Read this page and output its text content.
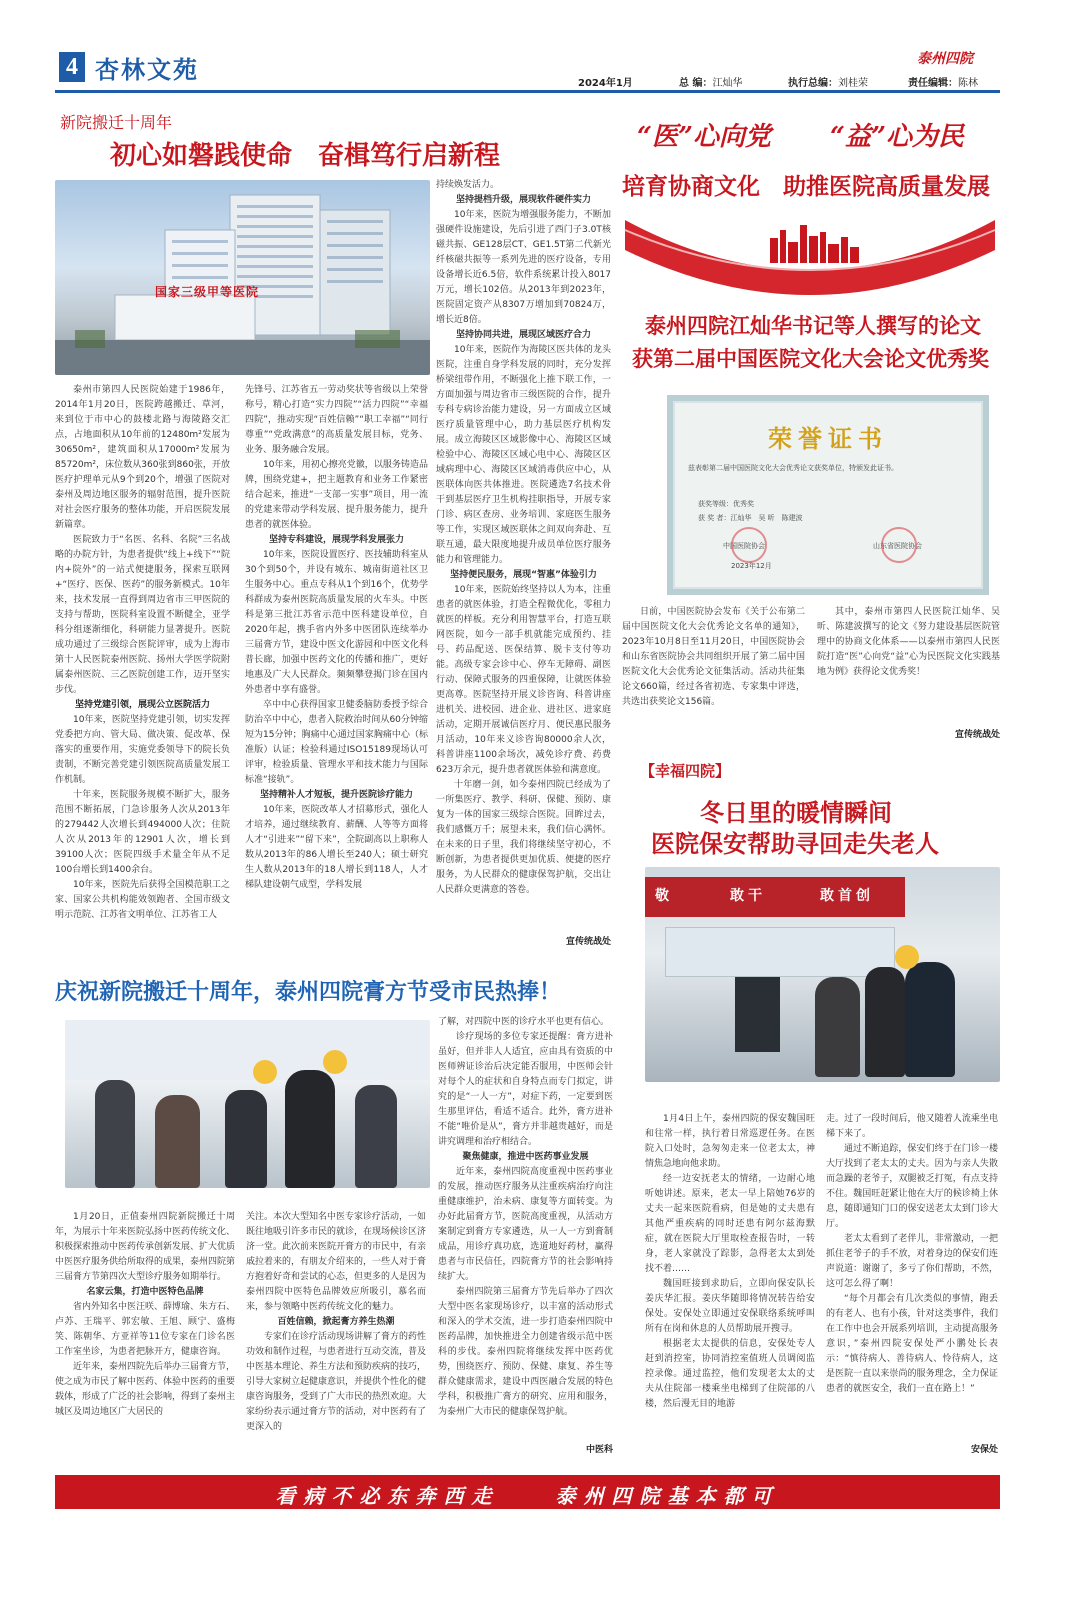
4 杏林文苑	2024年1月	总 编：江灿华	执行总编：刘桂荣	责任编辑：陈林
泰州四院
新院搬迁十周年
初心如磐践使命　奋楫笃行启新程
国家三级甲等医院
泰州市第四人民医院始建于1986年，2014年1月20日，医院跨越搬迁、草河，来到位于市中心的鼓楼北路与海陵路交汇点，占地面积从10年前的12480m²发展为30650m²，建筑面积从17000m²发展为85720m²，床位数从360张到860张，开放医疗护理单元从9个到20个，增强了医院对泰州及周边地区服务的辐射范围，提升医院对社会医疗服务的整体功能，开启医院发展新篇章。
医院致力于“名医、名科、名院”三名战略的办院方针，为患者提供“线上+线下”“院内+院外”的一站式便捷服务，探索互联网+“医疗、医保、医药”的服务新模式。10年来，技术发展一直得到周边省市三甲医院的支持与帮助，医院科室设置不断健全，亚学科分组逐渐细化，科研能力显著提升。医院成功通过了三级综合医院评审，成为上海市第十人民医院泰州医院、扬州大学医学院附属泰州医院、三乙医院创建工作，迈开坚实步伐。
坚持党建引领，展现公立医院活力
10年来，医院坚持党建引领，切实发挥党委把方向、管大局、做决策、促改革、保落实的重要作用，实施党委领导下的院长负责制，不断完善党建引领医院高质量发展工作机制。
十年来，医院服务规模不断扩大，服务范围不断拓展，门急诊服务人次从2013年的279442人次增长到494000人次；住院人次从2013年的12901人次，增长到39100人次；医院四级手术量全年从不足100台增长到1400余台。
10年来，医院先后获得全国模范职工之家、国家公共机构能效领跑者、全国市级文明示范院、江苏省文明单位、江苏省工人
先锋号、江苏省五一劳动奖状等省级以上荣誉称号，精心打造“实力四院”“活力四院”“幸福四院”，推动实现“百姓信赖”“职工幸福”“同行尊重”“党政满意”的高质量发展目标，党务、业务、服务融合发展。
10年来，用初心擦亮党徽，以服务铸造品牌，围绕党建+，把主题教育和业务工作紧密结合起来，推进“一支部一实事”项目，用一流的党建来带动学科发展、提升服务能力，提升患者的就医体验。
坚持专科建设，展现学科发展张力
10年来，医院设置医疗、医技辅助科室从30个到50个，并设有城东、城南街道社区卫生服务中心。重点专科从1个到16个，优势学科群成为泰州医院高质量发展的火车头。中医科是第三批江苏省示范中医科建设单位，自2020年起，携手省内外多中医团队连续举办三届膏方节，建设中医文化游园和中医文化科普长廊，加强中医药文化的传播和推广，更好地惠及广大人民群众。频频攀登揭门诊在国内外患者中享有盛誉。
卒中中心获得国家卫健委脑防委授予综合防治卒中中心，患者入院救治时间从60分钟缩短为15分钟；胸痛中心通过国家胸痛中心（标准版）认证；检验科通过ISO15189现场认可评审，检验质量、管理水平和技术能力与国际标准“接轨”。
坚持精补人才短板，提升医院诊疗能力
10年来，医院改革人才招募形式，强化人才培养，通过继续教育、薪酬、人等等方面将人才“引进来”“留下来”，全院副高以上职称人数从2013年的86人增长至240人；硕士研究生人数从2013年的18人增长到118人，人才梯队建设朝气成型，学科发展
持续焕发活力。
坚持提档升级，展现软件硬件实力
10年来，医院为增强服务能力，不断加强硬件设施建设，先后引进了西门子3.0T核磁共振、GE128层CT、GE1.5T第二代新光纤核磁共振等一系列先进的医疗设备，专用设备增长近6.5倍，软件系统累计投入8017万元，增长102倍。从2013年到2023年，医院固定资产从8307万增加到70824万，增长近8倍。
坚持协同共进，展现区域医疗合力
10年来，医院作为海陵区医共体的龙头医院，注重自身学科发展的同时，充分发挥桥梁纽带作用，不断强化上推下联工作，一方面加强与周边省市三级医院的合作，提升专科专病诊治能力建设，另一方面成立区域医疗质量管理中心，助力基层医疗机构发展。成立海陵区区域影像中心、海陵区区域检验中心、海陵区区域心电中心、海陵区区域病理中心、海陵区区域消毒供应中心，从医联体向医共体推进。医院遴选7名技术骨干到基层医疗卫生机构挂职指导，开展专家门诊、病区查房、业务培训、家庭医生服务等工作，实现区域医联体之间双向奔赴、互联互通，最大限度地提升成员单位医疗服务能力和管理能力。
坚持便民服务，展现“智惠”体验引力
10年来，医院始终坚持以人为本，注重患者的就医体验，打造全程微优化，零租力就医的样板。充分利用智慧平台，打造互联网医院，如今一部手机就能完成预约、挂号、药品配送、医保结算、脱卡支付等功能。高级专家会诊中心、停车无障碍、副医行动、保障式服务的四重保障，让就医体验更高尊。医院坚持开展义诊咨询、科普讲座进机关、进校园、进企业、进社区、进家庭活动，定期开展诚信医疗月、便民惠民服务月活动，10年来义诊咨询80000余人次，科普讲座1100余场次，减免诊疗费、药费623万余元，提升患者就医体验和满意度。
十年磨一剑，如今泰州四院已经成为了一所集医疗、教学、科研、保健、预防、康复为一体的国家三级综合医院。回眸过去，我们感慨万千；展望未来，我们信心满怀。在未来的日子里，我们将继续坚守初心，不断创新，为患者提供更加优质、便捷的医疗服务，为人民群众的健康保驾护航，交出让人民群众更满意的答卷。
宣传统战处
“医”心向党 “益”心为民
培育协商文化　助推医院高质量发展
泰州四院江灿华书记等人撰写的论文
获第二届中国医院文化大会论文优秀奖
荣誉证书
兹表彰第二届中国医院文化大会优秀论文获奖单位，特颁发此证书。
获奖等级：优秀奖
获 奖 者：江灿华　吴 昕　陈建波
中国医院协会	山东省医院协会
2023年12月
日前，中国医院协会发布《关于公布第二届中国医院文化大会优秀论文名单的通知》，2023年10月8日至11月20日，中国医院协会和山东省医院协会共同组织开展了第二届中国医院文化大会优秀论文征集活动。活动共征集论文660篇，经过各省初选、专家集中评选，共选出获奖论文156篇。
其中，泰州市第四人民医院江灿华、吴昕、陈建波撰写的论文《努力建设基层医院管理中的协商文化体系——以泰州市第四人民医院打造“医”心向党“益”心为民医院文化实践基地为例》获得论文优秀奖！
宣传统战处
【幸福四院】
冬日里的暖情瞬间
医院保安帮助寻回走失老人
敬	敢干	敢首创
1月4日上午，泰州四院的保安魏国旺和往常一样，执行着日常巡逻任务。在医院入口处时，急匆匆走来一位老太太，神情焦急地向他求助。
经一边安抚老太的情绪，一边耐心地听她讲述。原来，老太一早上陪她76岁的丈夫一起来医院看病，但是她的丈夫患有其他严重疾病的同时还患有阿尔兹海默症，就在医院大厅里取检查报告时，一转身，老人家就没了踪影，急得老太太到处找不着……
魏国旺接到求助后，立即向保安队长姜庆华汇报。姜庆华随即将情况转告给安保处。安保处立即通过安保联络系统呼叫所有在岗和休息的人员帮助展开搜寻。
根据老太太提供的信息，安保处专人赶到消控室，协同消控室值班人员调阅监控录像。通过监控，他们发现老太太的丈夫从住院部一楼乘坐电梯到了住院部的八楼，然后漫无目的地游
走。过了一段时间后，他又随着人流乘坐电梯下来了。
通过不断追踪，保安们终于在门诊一楼大厅找到了老太太的丈夫。因为与亲人失散而急躁的老爷子，双腿被乏打冤，有点支持不住。魏国旺赶紧让他在大厅的候诊椅上休息，随即通知门口的保安送老太太到门诊大厅。
老太太看到了老伴儿，非常激动，一把抓住老爷子的手不放，对着身边的保安们连声说道：谢谢了，多亏了你们帮助，不然，这可怎么得了啊！
“每个月都会有几次类似的事情，跑丢的有老人、也有小孩，针对这类事件，我们在工作中也会开展系列培训，主动提高服务意识，”泰州四院安保处严小鹏处长表示：“慎待病人、善待病人、怜待病人，这是医院一直以来崇尚的服务理念，全力保证患者的就医安全，我们一直在路上！”
安保处
庆祝新院搬迁十周年，泰州四院膏方节受市民热捧！
1月20日，正值泰州四院新院搬迁十周年，为展示十年来医院弘扬中医药传统文化、积极探索推动中医药传承创新发展、扩大优质中医医疗服务供给所取得的成果，泰州四院第三届膏方节第四次大型诊疗服务如期举行。
名家云集，打造中医特色品牌
省内外知名中医汪咲、薛博瑜、朱方石、卢苏、王瑞平、郭宏敏、王旭、顾宁、盛梅笑、陈朝华、方亚祥等11位专家在门诊名医工作室坐诊，为患者把脉开方，健康咨询。
近年来，泰州四院先后举办三届膏方节，使之成为市民了解中医药、体验中医药的重要载体，形成了广泛的社会影响，得到了泰州主城区及周边地区广大居民的
关注。本次大型知名中医专家诊疗活动，一如既往地吸引许多市民的就诊，在现场候诊区济济一堂。此次前来医院开膏方的市民中，有亲戚拉着来的，有朋友介绍来的，一些人对于膏方抱着好奇和尝试的心态，但更多的人是因为泰州四院中医特色品牌效应所吸引，慕名而来，参与领略中医药传统文化的魅力。
百姓信赖，掀起膏方养生热潮
专家们在诊疗活动现场讲解了膏方的药性功效和制作过程，与患者进行互动交流，普及中医基本理论、养生方法和预防疾病的技巧，引导大家树立起健康意识，并提供个性化的健康咨询服务，受到了广大市民的热烈欢迎。大家纷纷表示通过膏方节的活动，对中医药有了更深入的
了解，对四院中医的诊疗水平也更有信心。
诊疗现场的多位专家还提醒：膏方进补虽好，但并非人人适宜，应由具有资质的中医师辨证诊治后决定能否服用，中医师会针对每个人的症状和自身特点而专门拟定，讲究的是“一人一方”，对症下药，一定要到医生那里评估，看适不适合。此外，膏方进补不能“唯价是从”，膏方并非越贵越好，而是讲究调理和治疗相结合。
聚焦健康，推进中医药事业发展
近年来，泰州四院高度重视中医药事业的发展，推动医疗服务从注重疾病治疗向注重健康维护，治未病、康复等方面转变。为办好此届膏方节，医院高度重视，从活动方案制定到膏方专家遴选，从一人一方到膏制成品，用诊疗真功底，选道地好药材，赢得患者与市民信任，四院膏方节的社会影响持续扩大。
泰州四院第三届膏方节先后举办了四次大型中医名家现场诊疗，以丰富的活动形式和深入的学术交流，进一步打造泰州四院中医药品牌，加快推进全力创建省级示范中医科的步伐。泰州四院将继续发挥中医药优势，围绕医疗、预防、保健、康复、养生等群众健康需求，建设中西医融合发展的特色学科，积极推广膏方的研究、应用和服务，为泰州广大市民的健康保驾护航。
中医科
看病不必东奔西走　　泰州四院基本都可
